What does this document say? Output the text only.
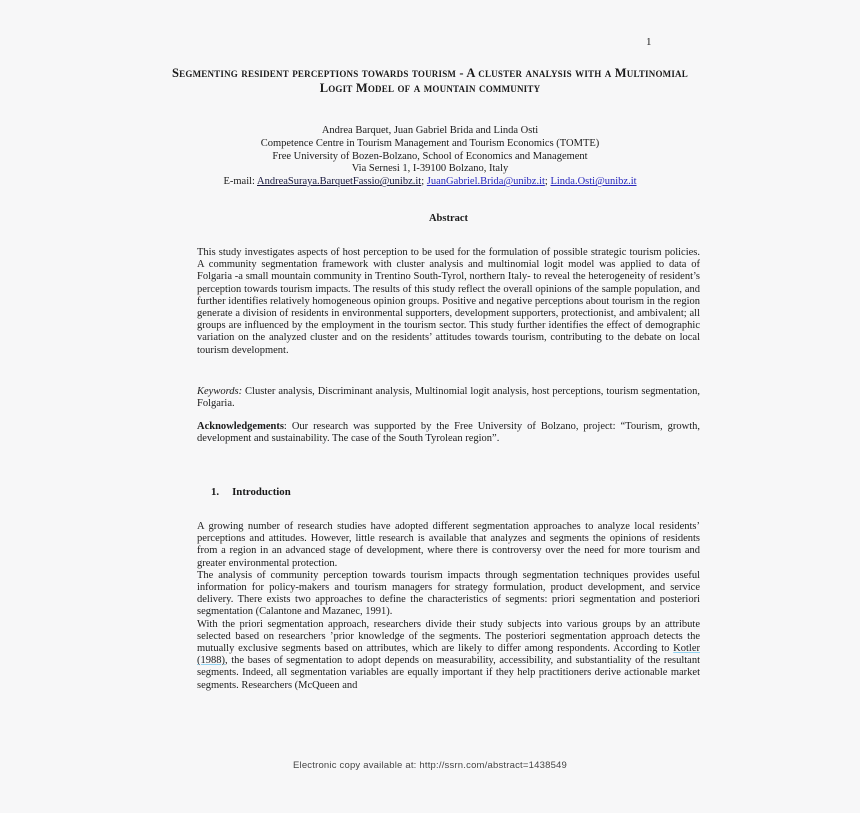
1
Segmenting resident perceptions towards tourism - A cluster analysis with a Multinomial Logit Model of a mountain community
Andrea Barquet, Juan Gabriel Brida and Linda Osti
Competence Centre in Tourism Management and Tourism Economics (TOMTE)
Free University of Bozen-Bolzano, School of Economics and Management
Via Sernesi 1, I-39100 Bolzano, Italy
E-mail: AndreaSuraya.BarquetFassio@unibz.it; JuanGabriel.Brida@unibz.it; Linda.Osti@unibz.it
Abstract

This study investigates aspects of host perception to be used for the formulation of possible strategic tourism policies. A community segmentation framework with cluster analysis and multinomial logit model was applied to data of Folgaria -a small mountain community in Trentino South-Tyrol, northern Italy- to reveal the heterogeneity of resident’s perception towards tourism impacts. The results of this study reflect the overall opinions of the sample population, and further identifies relatively homogeneous opinion groups. Positive and negative perceptions about tourism in the region generate a division of residents in environmental supporters, development supporters, protectionist, and ambivalent; all groups are influenced by the employment in the tourism sector. This study further identifies the effect of demographic variation on the analyzed cluster and on the residents’ attitudes towards tourism, contributing to the debate on local tourism development.

Keywords: Cluster analysis, Discriminant analysis, Multinomial logit analysis, host perceptions, tourism segmentation, Folgaria.

Acknowledgements: Our research was supported by the Free University of Bolzano, project: “Tourism, growth, development and sustainability. The case of the South Tyrolean region”.

1. Introduction

A growing number of research studies have adopted different segmentation approaches to analyze local residents’ perceptions and attitudes. However, little research is available that analyzes and segments the opinions of residents from a region in an advanced stage of development, where there is controversy over the need for more tourism and greater environmental protection.

The analysis of community perception towards tourism impacts through segmentation techniques provides useful information for policy-makers and tourism managers for strategy formulation, product development, and service delivery. There exists two approaches to define the characteristics of segments: priori segmentation and posteriori segmentation (Calantone and Mazanec, 1991).

With the priori segmentation approach, researchers divide their study subjects into various groups by an attribute selected based on researchers ’prior knowledge of the segments. The posteriori segmentation approach detects the mutually exclusive segments based on attributes, which are likely to differ among respondents. According to Kotler (1988), the bases of segmentation to adopt depends on measurability, accessibility, and substantiality of the resultant segments. Indeed, all segmentation variables are equally important if they help practitioners derive actionable market segments. Researchers (McQueen and

Electronic copy available at: http://ssrn.com/abstract=1438549
